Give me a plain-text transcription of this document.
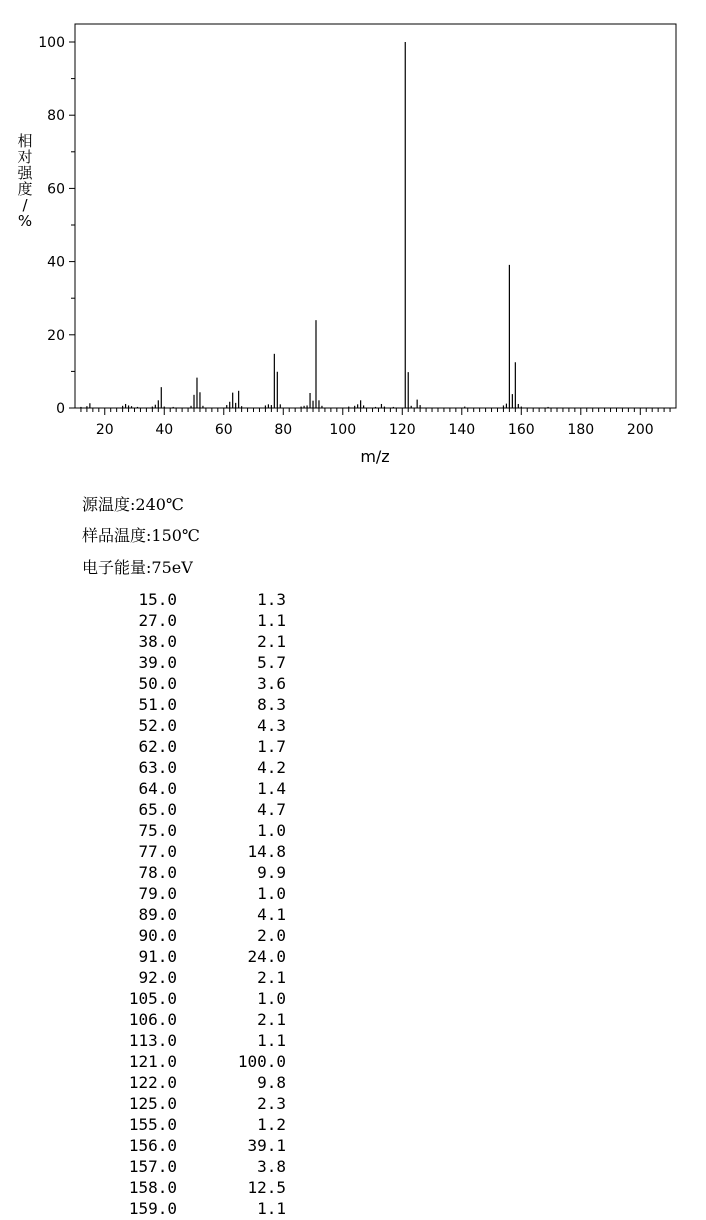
0
20
40
60
80
100
20	40	60	80	100 120 140 160 180 200
m/z
相对强度/ %
源温度:240℃
样品温度:150℃
电子能量:75eV
15.0	1.3
27.0	1.1
38.0	2.1
39.0	5.7
50.0	3.6
51.0	8.3
52.0	4.3
62.0	1.7
63.0	4.2
64.0	1.4
65.0	4.7
75.0	1.0
77.0	14.8
78.0	9.9
79.0	1.0
89.0	4.1
90.0	2.0
91.0	24.0
92.0	2.1
105.0	1.0
106.0	2.1
113.0	1.1
121.0	100.0
122.0	9.8
125.0	2.3
155.0	1.2
156.0	39.1
157.0	3.8
158.0	12.5
159.0	1.1
